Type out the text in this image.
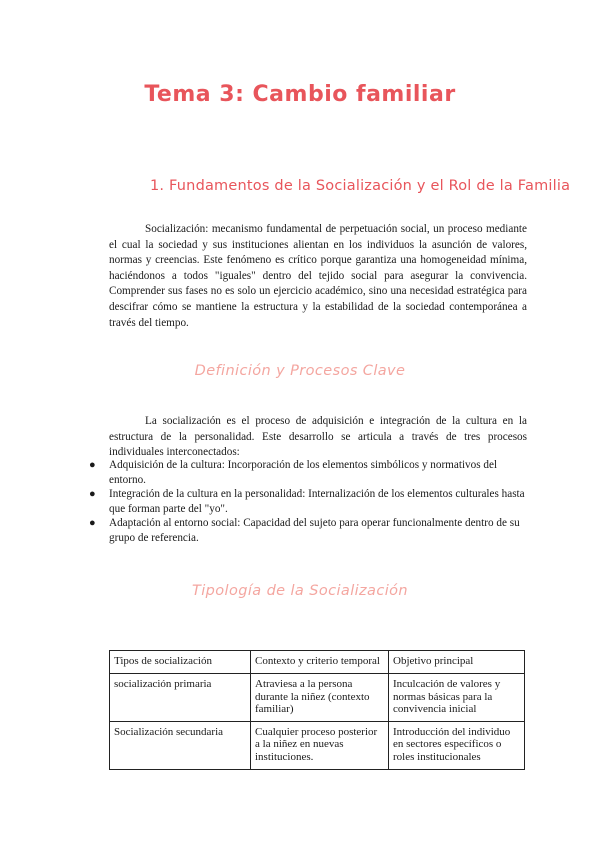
Tema 3: Cambio familiar
1. Fundamentos de la Socialización y el Rol de la Familia

Socialización: mecanismo fundamental de perpetuación social, un proceso mediante el cual la sociedad y sus instituciones alientan en los individuos la asunción de valores, normas y creencias. Este fenómeno es crítico porque garantiza una homogeneidad mínima, haciéndonos a todos "iguales" dentro del tejido social para asegurar la convivencia. Comprender sus fases no es solo un ejercicio académico, sino una necesidad estratégica para descifrar cómo se mantiene la estructura y la estabilidad de la sociedad contemporánea a través del tiempo.

Definición y Procesos Clave

La socialización es el proceso de adquisición e integración de la cultura en la estructura de la personalidad. Este desarrollo se articula a través de tres procesos individuales interconectados:

● Adquisición de la cultura: Incorporación de los elementos simbólicos y normativos del entorno.
● Integración de la cultura en la personalidad: Internalización de los elementos culturales hasta que forman parte del "yo".
● Adaptación al entorno social: Capacidad del sujeto para operar funcionalmente dentro de su grupo de referencia.
Tipología de la Socialización
Tipos de socialización	Contexto y criterio temporal	Objetivo principal
socialización primaria	Atraviesa a la persona durante la niñez (contexto familiar)	Inculcación de valores y normas básicas para la convivencia inicial
Socialización secundaria	Cualquier proceso posterior a la niñez en nuevas instituciones.	Introducción del individuo en sectores específicos o roles institucionales
